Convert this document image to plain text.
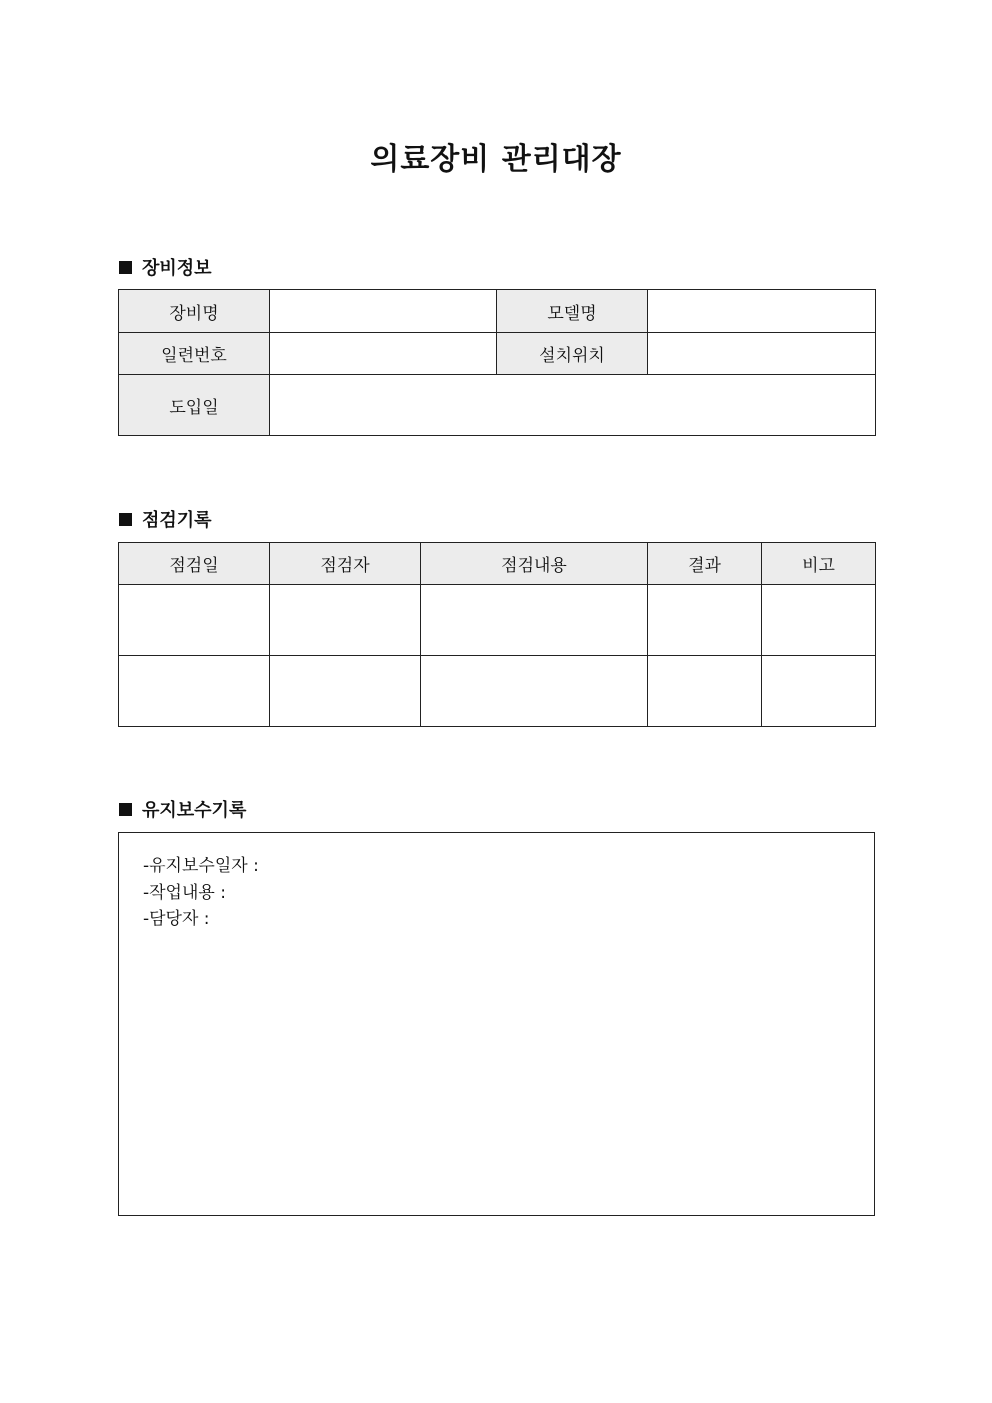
의료장비 관리대장
장비정보
장비명		모델명	
일련번호		설치위치	
도입일			
점검기록
점검일	점검자	점검내용	결과	비고

유지보수기록
-유지보수일자 :
-작업내용 :
-담당자 :
